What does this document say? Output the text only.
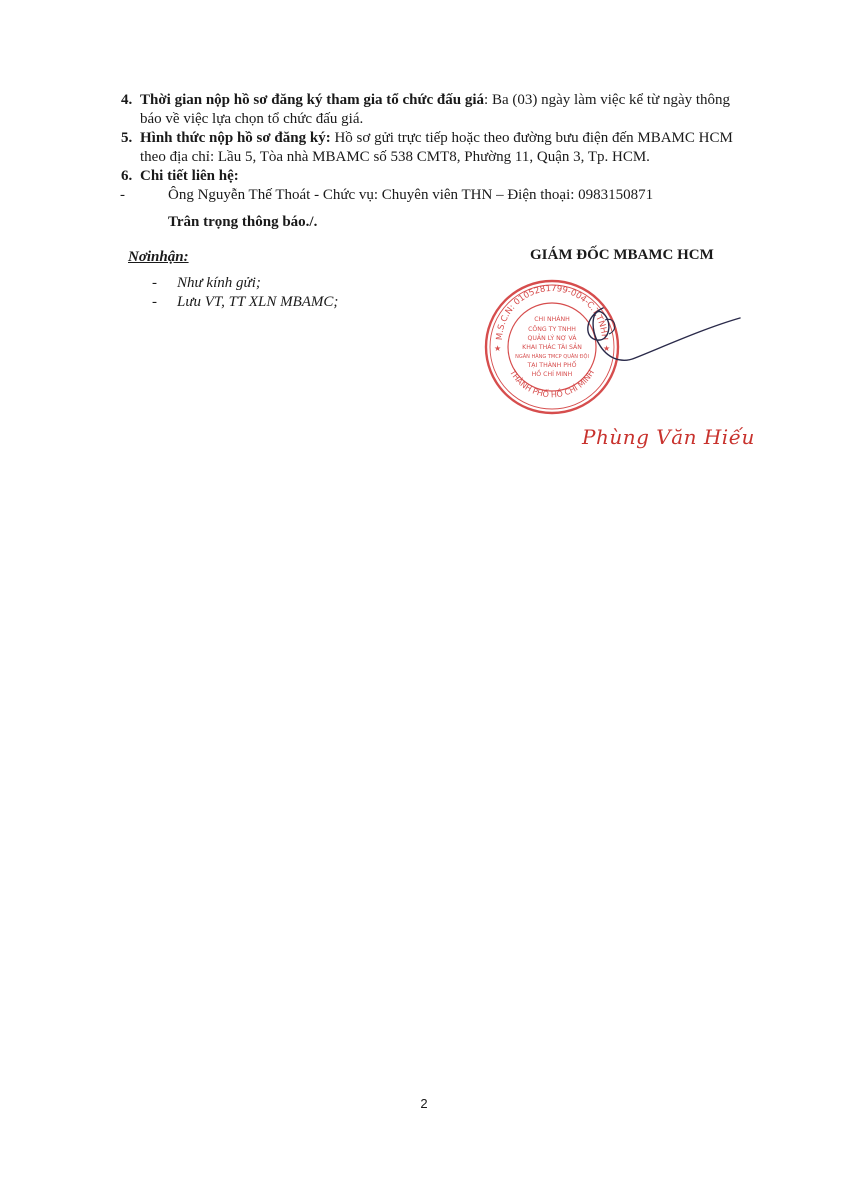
4. Thời gian nộp hồ sơ đăng ký tham gia tổ chức đấu giá: Ba (03) ngày làm việc kể từ ngày thông
báo về việc lựa chọn tổ chức đấu giá.
5. Hình thức nộp hồ sơ đăng ký: Hồ sơ gửi trực tiếp hoặc theo đường bưu điện đến MBAMC HCM
theo địa chỉ: Lầu 5, Tòa nhà MBAMC số 538 CMT8, Phường 11, Quận 3, Tp. HCM.
6. Chi tiết liên hệ:
-	Ông Nguyễn Thế Thoát - Chức vụ: Chuyên viên THN – Điện thoại: 0983150871
Trân trọng thông báo./.
Nơinhận:
- Như kính gửi;
- Lưu VT, TT XLN MBAMC;
GIÁM ĐỐC MBAMC HCM
M.S.C.N: 0105281799-004-C.T.TNHH
THÀNH PHỐ HỒ CHÍ MINH
★	★
CHI NHÁNH
CÔNG TY TNHH
QUẢN LÝ NỢ VÀ
KHAI THÁC TÀI SẢN
NGÂN HÀNG TMCP QUÂN ĐỘI
TẠI THÀNH PHỐ
HỒ CHÍ MINH
Phùng Văn Hiếu
2
